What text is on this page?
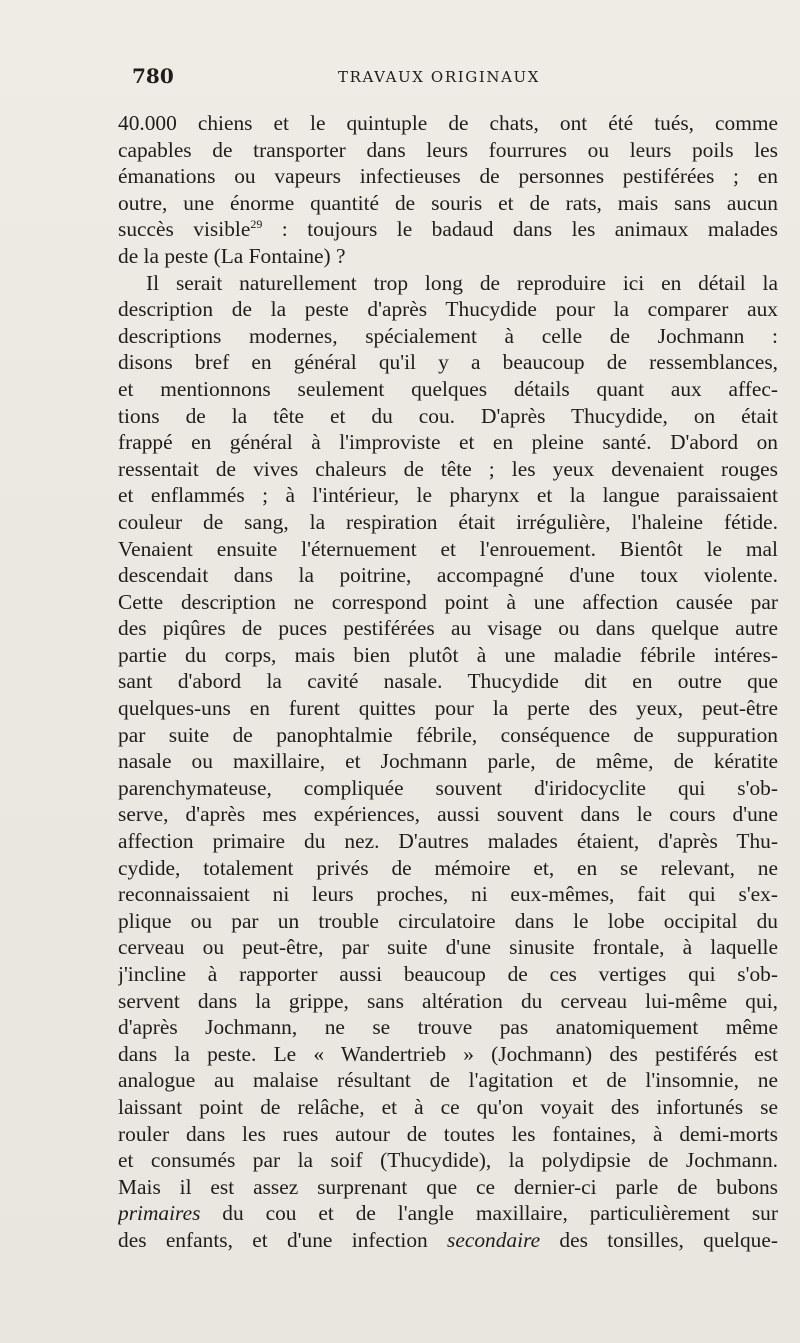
780	TRAVAUX ORIGINAUX
40.000 chiens et le quintuple de chats, ont été tués, comme
capables de transporter dans leurs fourrures ou leurs poils les
émanations ou vapeurs infectieuses de personnes pestiférées ; en
outre, une énorme quantité de souris et de rats, mais sans aucun
succès visible$^{29}$ : toujours le badaud dans les animaux malades
de la peste (La Fontaine) ?
Il serait naturellement trop long de reproduire ici en détail la
description de la peste d'après Thucydide pour la comparer aux
descriptions modernes, spécialement à celle de Jochmann :
disons bref en général qu'il y a beaucoup de ressemblances,
et mentionnons seulement quelques détails quant aux affec-
tions de la tête et du cou. D'après Thucydide, on était
frappé en général à l'improviste et en pleine santé. D'abord on
ressentait de vives chaleurs de tête ; les yeux devenaient rouges
et enflammés ; à l'intérieur, le pharynx et la langue paraissaient
couleur de sang, la respiration était irrégulière, l'haleine fétide.
Venaient ensuite l'éternuement et l'enrouement. Bientôt le mal
descendait dans la poitrine, accompagné d'une toux violente.
Cette description ne correspond point à une affection causée par
des piqûres de puces pestiférées au visage ou dans quelque autre
partie du corps, mais bien plutôt à une maladie fébrile intéres-
sant d'abord la cavité nasale. Thucydide dit en outre que
quelques-uns en furent quittes pour la perte des yeux, peut-être
par suite de panophtalmie fébrile, conséquence de suppuration
nasale ou maxillaire, et Jochmann parle, de même, de kératite
parenchymateuse, compliquée souvent d'iridocyclite qui s'ob-
serve, d'après mes expériences, aussi souvent dans le cours d'une
affection primaire du nez. D'autres malades étaient, d'après Thu-
cydide, totalement privés de mémoire et, en se relevant, ne
reconnaissaient ni leurs proches, ni eux-mêmes, fait qui s'ex-
plique ou par un trouble circulatoire dans le lobe occipital du
cerveau ou peut-être, par suite d'une sinusite frontale, à laquelle
j'incline à rapporter aussi beaucoup de ces vertiges qui s'ob-
servent dans la grippe, sans altération du cerveau lui-même qui,
d'après Jochmann, ne se trouve pas anatomiquement même
dans la peste. Le « Wandertrieb » (Jochmann) des pestiférés est
analogue au malaise résultant de l'agitation et de l'insomnie, ne
laissant point de relâche, et à ce qu'on voyait des infortunés se
rouler dans les rues autour de toutes les fontaines, à demi-morts
et consumés par la soif (Thucydide), la polydipsie de Jochmann.
Mais il est assez surprenant que ce dernier-ci parle de bubons
primaires du cou et de l'angle maxillaire, particulièrement sur
des enfants, et d'une infection secondaire des tonsilles, quelque-
